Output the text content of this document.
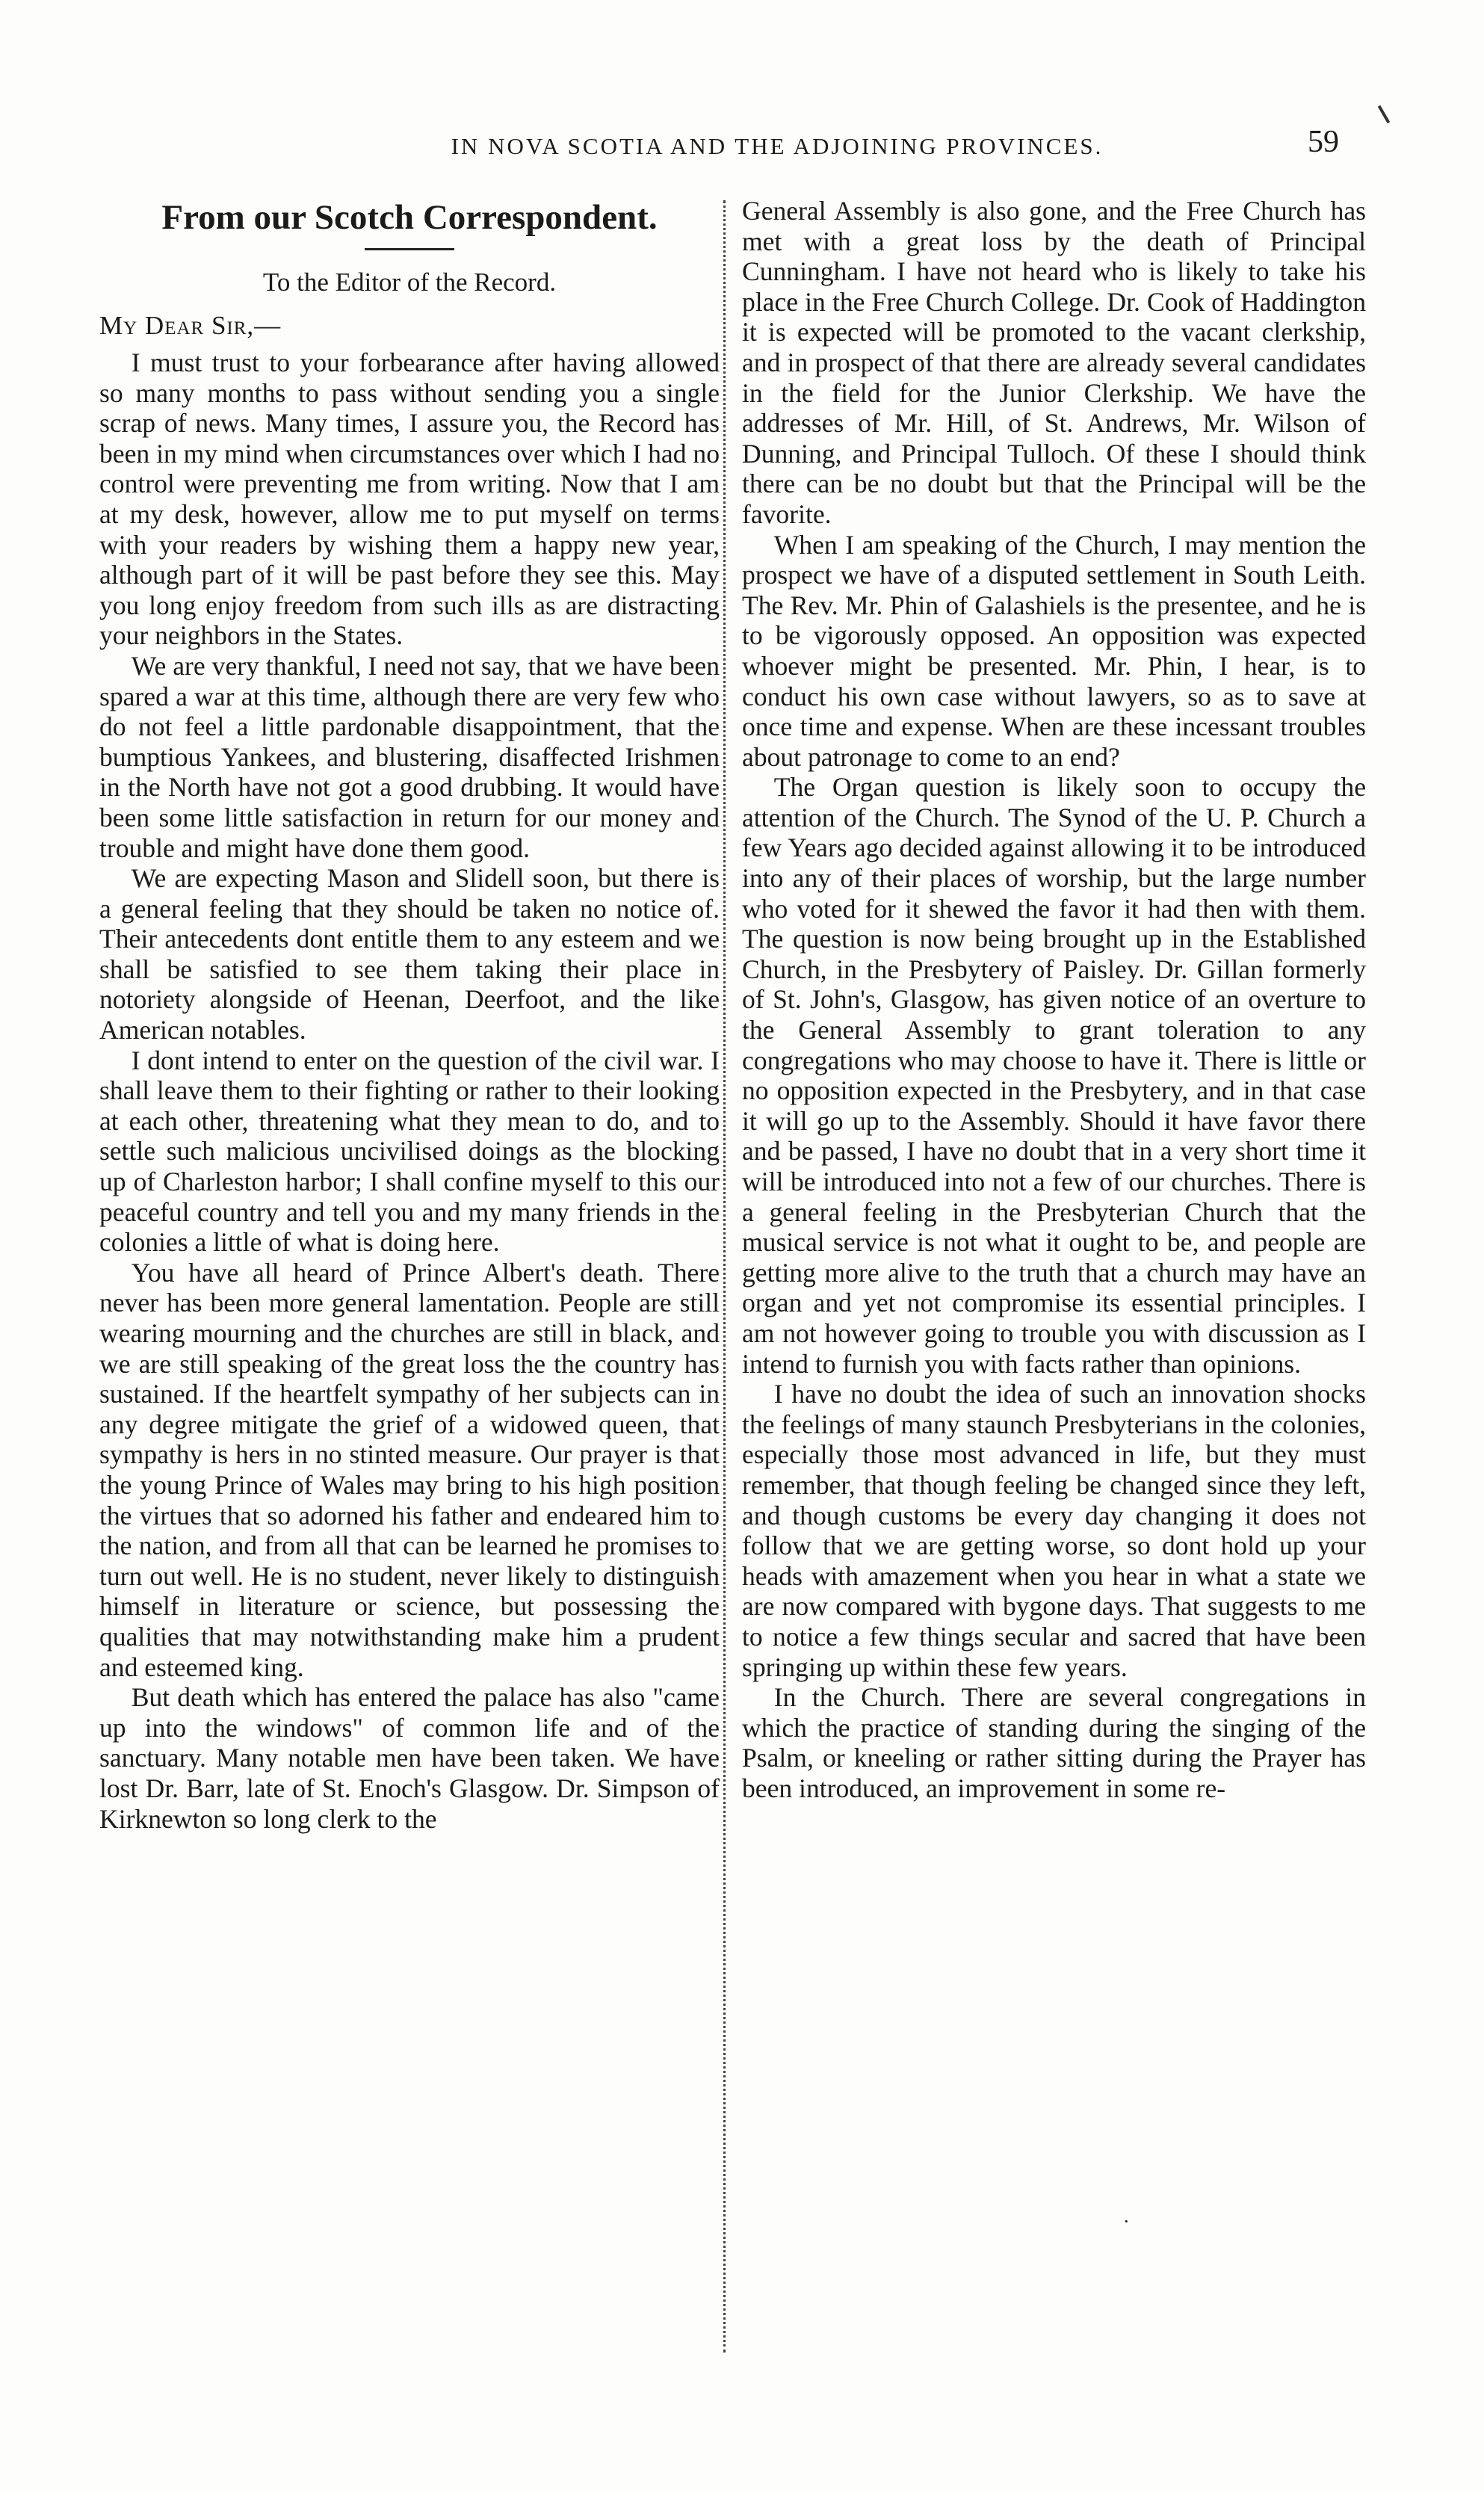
IN NOVA SCOTIA AND THE ADJOINING PROVINCES.	59
From our Scotch Correspondent.
To the Editor of the Record.
My Dear Sir,—

I must trust to your forbearance after having allowed so many months to pass without sending you a single scrap of news. Many times, I assure you, the Record has been in my mind when circumstances over which I had no control were preventing me from writing. Now that I am at my desk, however, allow me to put myself on terms with your readers by wishing them a happy new year, although part of it will be past before they see this. May you long enjoy freedom from such ills as are distracting your neighbors in the States.

We are very thankful, I need not say, that we have been spared a war at this time, although there are very few who do not feel a little pardonable disappointment, that the bumptious Yankees, and blustering, disaffected Irishmen in the North have not got a good drubbing. It would have been some little satisfaction in return for our money and trouble and might have done them good.

We are expecting Mason and Slidell soon, but there is a general feeling that they should be taken no notice of. Their antecedents dont entitle them to any esteem and we shall be satisfied to see them taking their place in notoriety alongside of Heenan, Deerfoot, and the like American notables.

I dont intend to enter on the question of the civil war. I shall leave them to their fighting or rather to their looking at each other, threatening what they mean to do, and to settle such malicious uncivilised doings as the blocking up of Charleston harbor; I shall confine myself to this our peaceful country and tell you and my many friends in the colonies a little of what is doing here.

You have all heard of Prince Albert's death. There never has been more general lamentation. People are still wearing mourning and the churches are still in black, and we are still speaking of the great loss the the country has sustained. If the heartfelt sympathy of her subjects can in any degree mitigate the grief of a widowed queen, that sympathy is hers in no stinted measure. Our prayer is that the young Prince of Wales may bring to his high position the virtues that so adorned his father and endeared him to the nation, and from all that can be learned he promises to turn out well. He is no student, never likely to distinguish himself in literature or science, but possessing the qualities that may notwithstanding make him a prudent and esteemed king.

But death which has entered the palace has also "came up into the windows" of common life and of the sanctuary. Many notable men have been taken. We have lost Dr. Barr, late of St. Enoch's Glasgow. Dr. Simpson of Kirknewton so long clerk to the

General Assembly is also gone, and the Free Church has met with a great loss by the death of Principal Cunningham. I have not heard who is likely to take his place in the Free Church College. Dr. Cook of Haddington it is expected will be promoted to the vacant clerkship, and in prospect of that there are already several candidates in the field for the Junior Clerkship. We have the addresses of Mr. Hill, of St. Andrews, Mr. Wilson of Dunning, and Principal Tulloch. Of these I should think there can be no doubt but that the Principal will be the favorite.

When I am speaking of the Church, I may mention the prospect we have of a disputed settlement in South Leith. The Rev. Mr. Phin of Galashiels is the presentee, and he is to be vigorously opposed. An opposition was expected whoever might be presented. Mr. Phin, I hear, is to conduct his own case without lawyers, so as to save at once time and expense. When are these incessant troubles about patronage to come to an end?

The Organ question is likely soon to occupy the attention of the Church. The Synod of the U. P. Church a few Years ago decided against allowing it to be introduced into any of their places of worship, but the large number who voted for it shewed the favor it had then with them. The question is now being brought up in the Established Church, in the Presbytery of Paisley. Dr. Gillan formerly of St. John's, Glasgow, has given notice of an overture to the General Assembly to grant toleration to any congregations who may choose to have it. There is little or no opposition expected in the Presbytery, and in that case it will go up to the Assembly. Should it have favor there and be passed, I have no doubt that in a very short time it will be introduced into not a few of our churches. There is a general feeling in the Presbyterian Church that the musical service is not what it ought to be, and people are getting more alive to the truth that a church may have an organ and yet not compromise its essential principles. I am not however going to trouble you with discussion as I intend to furnish you with facts rather than opinions.

I have no doubt the idea of such an innovation shocks the feelings of many staunch Presbyterians in the colonies, especially those most advanced in life, but they must remember, that though feeling be changed since they left, and though customs be every day changing it does not follow that we are getting worse, so dont hold up your heads with amazement when you hear in what a state we are now compared with bygone days. That suggests to me to notice a few things secular and sacred that have been springing up within these few years.

In the Church. There are several congregations in which the practice of standing during the singing of the Psalm, or kneeling or rather sitting during the Prayer has been introduced, an improvement in some re-

·
